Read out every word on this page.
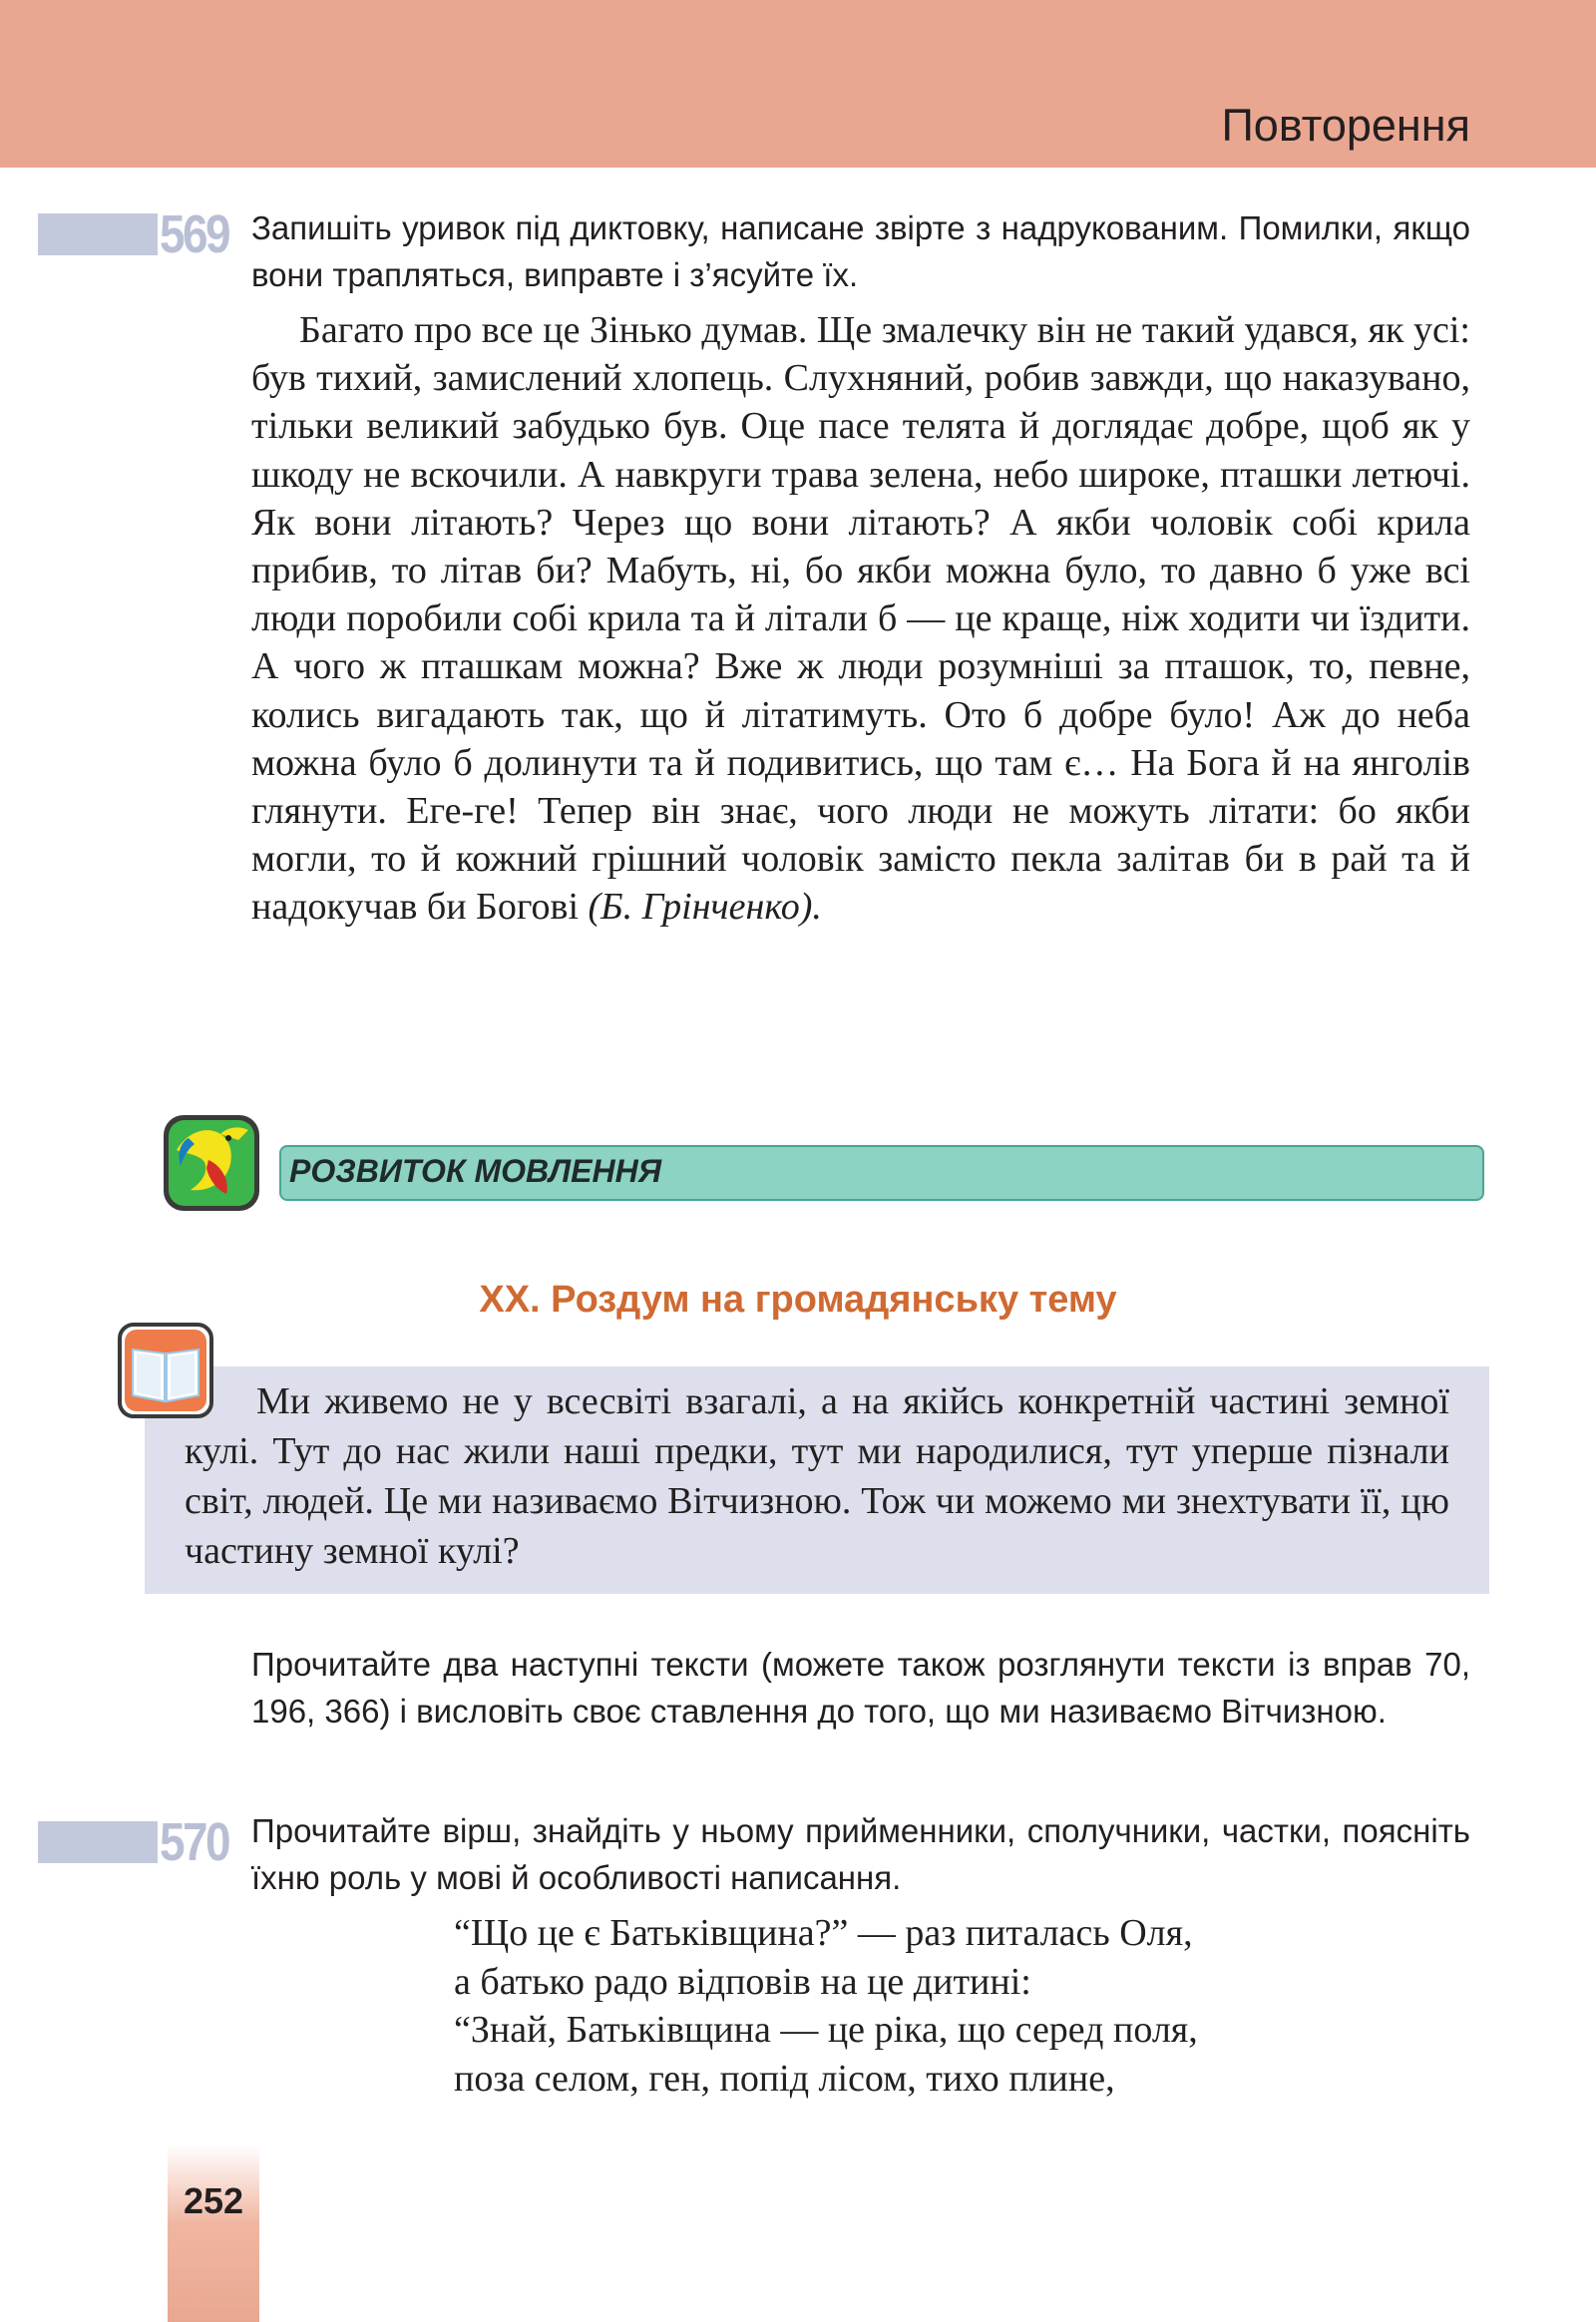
Повторення
569 Запишіть уривок під диктовку, написане звірте з надрукованим. Помилки, якщо вони трапляться, виправте і з’ясуйте їх.

Багато про все це Зінько думав. Ще змалечку він не такий удався, як усі: був тихий, замислений хлопець. Слухняний, робив завжди, що наказувано, тільки великий забудько був. Оце пасе телята й доглядає добре, щоб як у шкоду не вскочили. А навкруги трава зелена, небо широке, пташки летючі. Як вони літають? Через що вони літають? А якби чоловік собі крила прибив, то літав би? Мабуть, ні, бо якби можна було, то давно б уже всі люди поробили собі крила та й літали б — це краще, ніж ходити чи їздити. А чого ж пташкам можна? Вже ж люди розумніші за пташок, то, певне, колись вигадають так, що й літатимуть. Ото б добре було! Аж до неба можна було б долинути та й подивитись, що там є… На Бога й на янголів глянути. Еге-ге! Тепер він знає, чого люди не можуть літати: бо якби могли, то й кожний грішний чоловік замісто пекла залітав би в рай та й надокучав би Богові (Б. Грінченко).

РОЗВИТОК МОВЛЕННЯ
XX. Роздум на громадянську тему

Ми живемо не у всесвіті взагалі, а на якійсь конкретній частині земної кулі. Тут до нас жили наші предки, тут ми народилися, тут уперше пізнали світ, людей. Це ми називаємо Вітчизною. Тож чи можемо ми знехтувати її, цю частину земної кулі?

Прочитайте два наступні тексти (можете також розглянути тексти із вправ 70, 196, 366) і висловіть своє ставлення до того, що ми називаємо Вітчизною.

570 Прочитайте вірш, знайдіть у ньому прийменники, сполучники, частки, поясніть їхню роль у мові й особливості написання.

“Що це є Батьківщина?” — раз питалась Оля,
а батько радо відповів на це дитині:
“Знай, Батьківщина — це ріка, що серед поля,
поза селом, ген, попід лісом, тихо плине,
252
